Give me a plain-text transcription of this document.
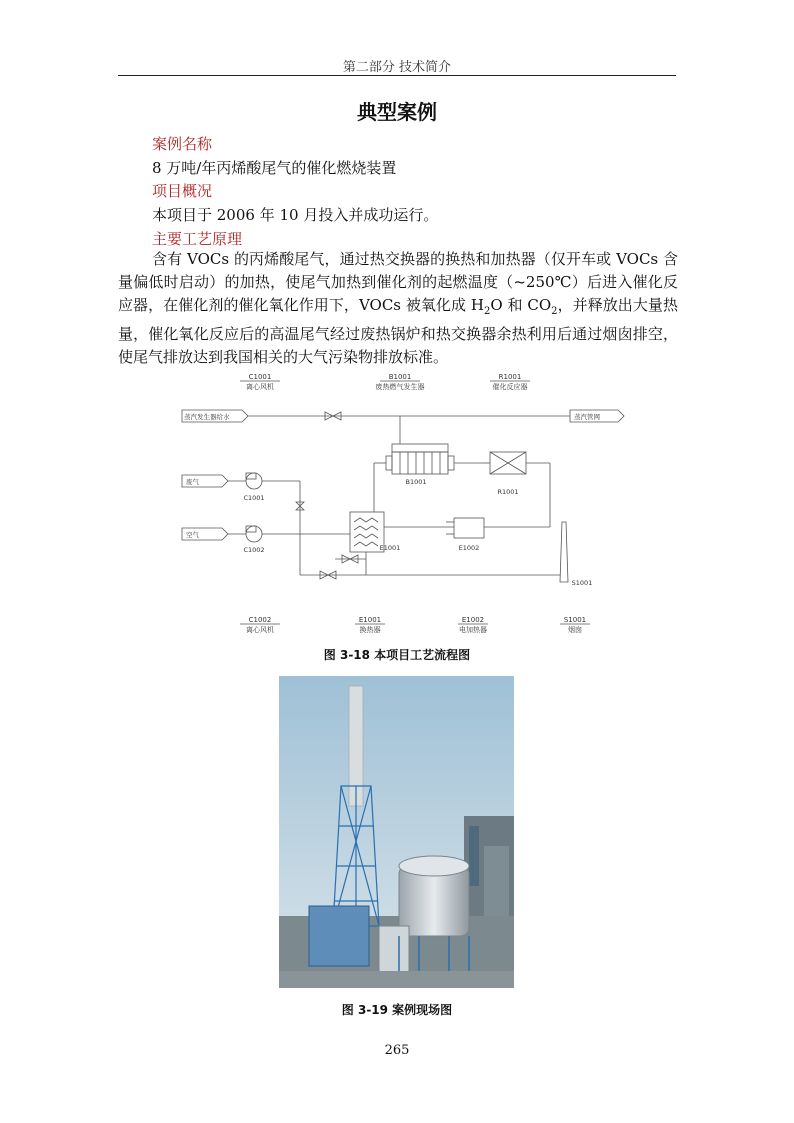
第二部分 技术简介
典型案例
案例名称
8 万吨/年丙烯酸尾气的催化燃烧装置
项目概况
本项目于 2006 年 10 月投入并成功运行。
主要工艺原理

含有 VOCs 的丙烯酸尾气，通过热交换器的换热和加热器（仅开车或 VOCs 含量偏低时启动）的加热，使尾气加热到催化剂的起燃温度（~250℃）后进入催化反应器，在催化剂的催化氧化作用下，VOCs 被氧化成 $H_2O$ 和 $CO_2$，并释放出大量热量，催化氧化反应后的高温尾气经过废热锅炉和热交换器余热利用后通过烟囱排空，使尾气排放达到我国相关的大气污染物排放标准。

C1001
离心风机
B1001
废热燃气发生器
R1001
催化反应器
蒸汽发生器给水	蒸汽管网
废气
空气
C1001
C1002
B1001
E1001	E1002
R1001
S1001
C1002
离心风机
E1001
换热器
E1002
电加热器
S1001
烟囱
图 3-18 本项目工艺流程图
图 3-19 案例现场图
265
